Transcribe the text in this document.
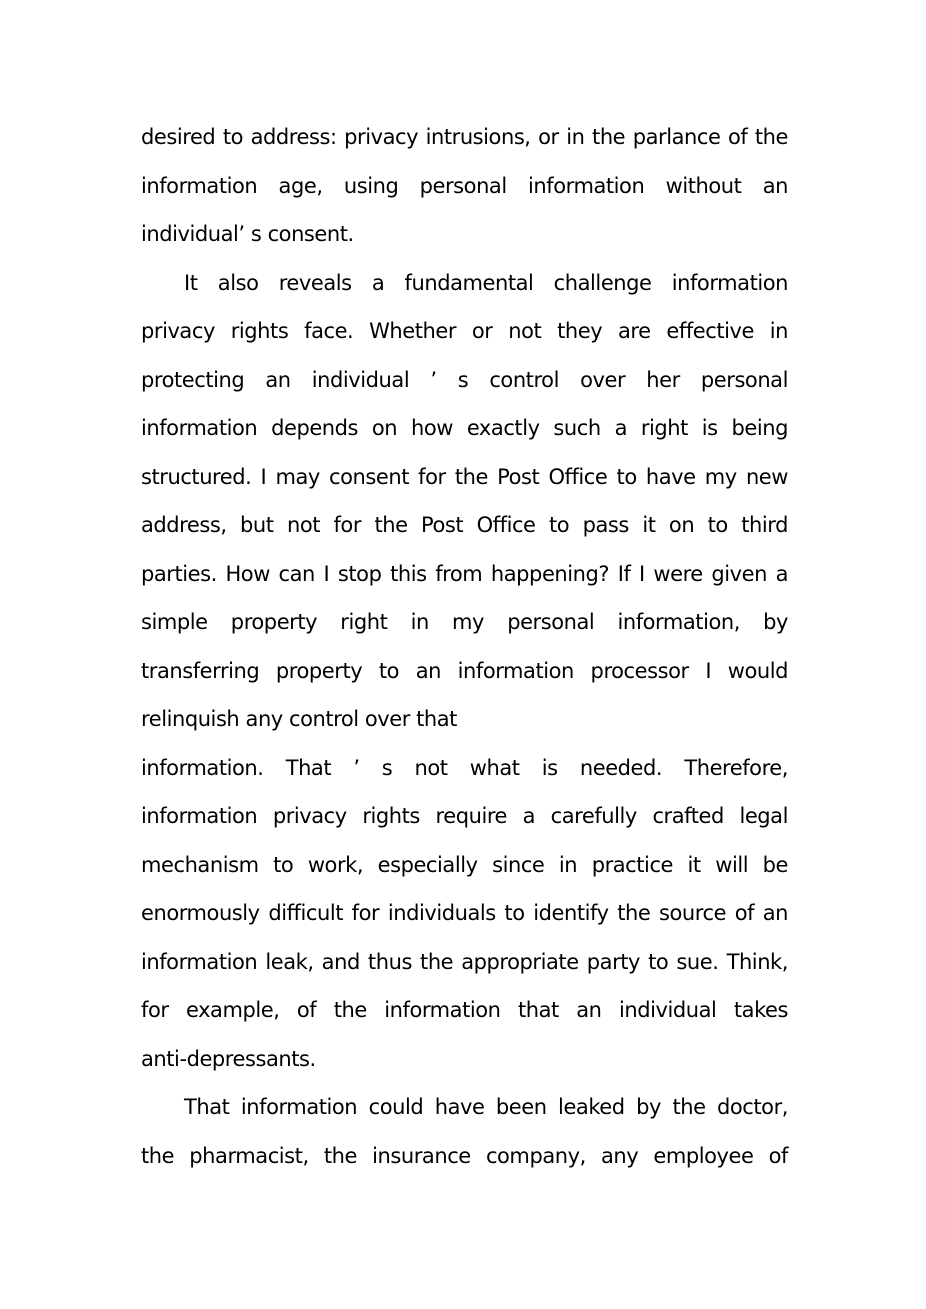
desired to address: privacy intrusions, or in the parlance of the
information age, using personal information without an
individual’ s consent.
It also reveals a fundamental challenge information
privacy rights face. Whether or not they are effective in
protecting an individual ’ s control over her personal
information depends on how exactly such a right is being
structured. I may consent for the Post Office to have my new
address, but not for the Post Office to pass it on to third
parties. How can I stop this from happening? If I were given a
simple property right in my personal information, by
transferring property to an information processor I would
relinquish any control over that
information. That ’ s not what is needed. Therefore,
information privacy rights require a carefully crafted legal
mechanism to work, especially since in practice it will be
enormously difficult for individuals to identify the source of an
information leak, and thus the appropriate party to sue. Think,
for example, of the information that an individual takes
anti-depressants.
That information could have been leaked by the doctor,
the pharmacist, the insurance company, any employee of
